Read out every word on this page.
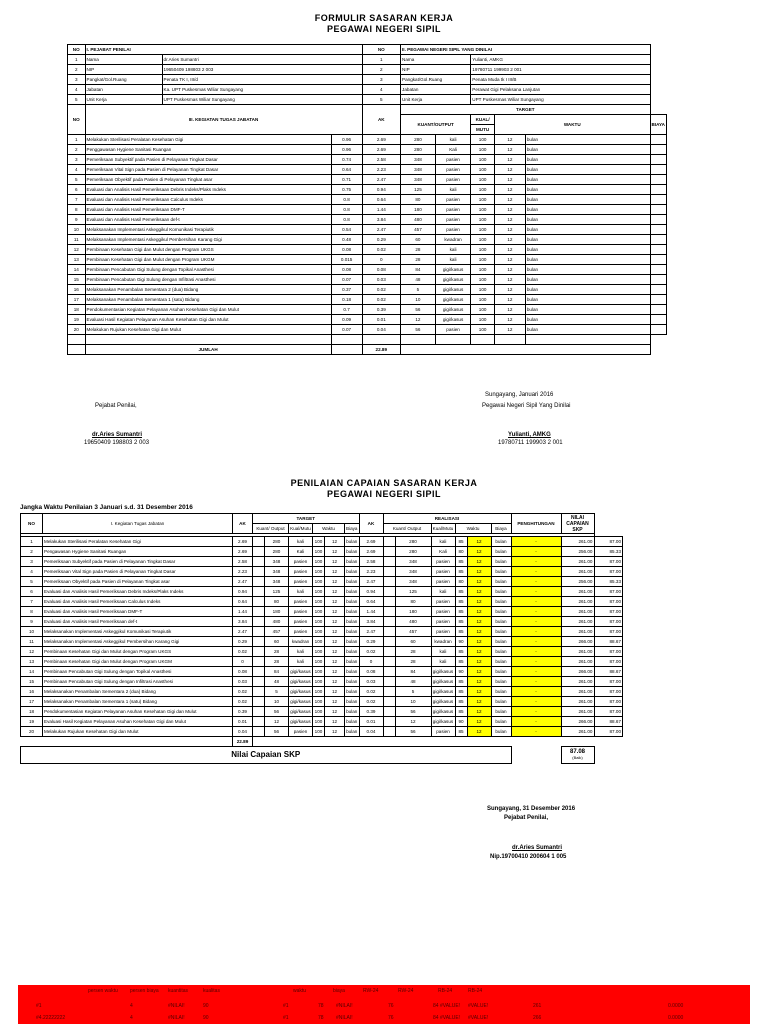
FORMULIR SASARAN KERJA
PEGAWAI NEGERI SIPIL
NO	I. PEJABAT PENILAI			NO	II. PEGAWAI NEGERI SIPIL YANG DINILAI					
1	Nama	dr.Aries Sumantri		1	Nama		Yulianti, AMKG			
2	NIP	19650409 198803 2 003		2	NIP		19780711 199903 2 001			
3	Pangkat/Gol.Ruang	Penata TK I, III/d		3	Pangkat/Gol.Ruang		Penata Muda tk I III/B			
4	Jabatan	Ka. UPT Puskesmas Wiliar Sungayang		4	Jabatan		Perawat Gigi Pelaksana Lanjutan			
5	Unit Kerja	UPT Puskesmas Wiliar Sungayang		5	Unit Kerja		UPT Puskesmas Wiliar Sungayang			
NO	III. KEGIATAN TUGAS JABATAN			AK	TARGET					
					KUANT/OUTPUT		KUAL/	WAKTU		BIAYA
							MUTU			
1	Melakukan Sterilisasi Peralatan Kesehatan Gigi		0.96	2.69	280	kali	100	12	bulan	
2	Penggawasan Hygiene Sanitasi Ruangan		0.96	2.69	280	Kali	100	12	bulan	
3	Pemeriksaan Subyektif pada Pasien di Pelayanan Tingkat Dasar		0.74	2.58	348	pasien	100	12	bulan	
4	Pemeriksaan Vital Sign pada Pasien di Pelayanan Tingkat Dasar		0.64	2.23	348	pasien	100	12	bulan	
5	Pemeriksaan Obyektif pada Pasien di Pelayanan Tingkat asar		0.71	2.47	348	pasien	100	12	bulan	
6	Evaluasi dan Analisis Hasil Pemeriksaan Debris Indeks/Plaks Indeks		0.75	0.94	125	kali	100	12	bulan	
7	Evaluasi dan Analisis Hasil Pemeriksaan Calculus Indeks		0.8	0.64	80	pasien	100	12	bulan	
8	Evaluasi dan Analisis Hasil Pemeriksaan DMF-T		0.8	1.44	180	pasien	100	12	bulan	
9	Evaluasi dan Analisis Hasil Pemeriksaan def-t		0.8	3.84	480	pasien	100	12	bulan	
10	Melaksanakan Implementasi Askeggikul Komunikasi Terapiutik		0.54	2.47	457	pasien	100	12	bulan	
11	Melaksanakan Implementasi Askeggikul Pembersihan Karang Gigi		0.48	0.29	60	kwadran	100	12	bulan	
12	Pembinaan Kesehatan Gigi dan Mulut dengan Program UKGS		0.08	0.02	28	kali	100	12	bulan	
13	Pembinaan Kesehatan Gigi dan Mulut dengan Program UKGM		0.015	0	28	kali	100	12	bulan	
14	Pembinaan Pencabutan Gigi Sulung dengan Topikal Anasthesi		0.08	0.08	84	gigi/kasus	100	12	bulan	
15	Pembinaan Pencabutan Gigi Sulung dengan Infiltrasi Anasthesi		0.07	0.03	48	gigi/kasus	100	12	bulan	
16	Melaksanakan Penambalan Sementara 2 (dua) Bidang		0.37	0.02	5	gigi/kasus	100	12	bulan	
17	Melaksanakan Penambalan Sementara 1 (satu) Bidang		0.18	0.02	10	gigi/kasus	100	12	bulan	
18	Pendokumentasian Kegiatan Pelayanan Asuhan Kesehatan Gigi dan Mulut		0.7	0.39	56	gigi/kasus	100	12	bulan	
19	Evaluasi Hasil Kegiatan Pelayanan Asuhan Kesehatan Gigi dan Mulut		0.09	0.01	12	gigi/kasus	100	12	bulan	
20	Melakukan Rujukan Kesehatan Gigi dan Mulut		0.07	0.04	56	pasien	100	12	bulan	

	JUMLAH			22.89						
Sungayang, Januari 2016
Pejabat Penilai,	Pegawai Negeri Sipil Yang Dinilai
dr.Aries Sumantri
19650409 198803 2 003
Yulianti, AMKG
19780711 199903 2 001
PENILAIAN CAPAIAN SASARAN KERJA
PEGAWAI NEGERI SIPIL
Jangka Waktu Penilaian 3 Januari s.d. 31 Desember 2016
NO	I. Kegiatan Tugas Jabatan	AK	TARGET						AK	REALISASI						PENGHITUNGAN	NILAI
CAPAIAN
SKP	

			Kuant/ Output		Kual/Mutu	Waktu		Biaya		Kuant/ Output		Kual/Mutu	Waktu		Biaya			

1	Melakukan Sterilisasi Peralatan Kesehatan Gigi	2.69		280	kali	100	12	bulan	2.69		280	kali	85	12	bulan	-	261.00	87.00
2	Pengawasan Hygiene Sanitasi Ruangan	2.69		280	Kali	100	12	bulan	2.69		280	Kali	80	12	bulan	-	256.00	85.33
3	Pemeriksaan Subyektif pada Pasien di Pelayanan Tingkat Dasar	2.58		348	pasien	100	12	bulan	2.58		348	pasien	85	12	bulan	-	261.00	87.00
4	Pemeriksaan Vital Sign pada Pasien di Pelayanan Tingkat Dasar	2.23		348	pasien	100	12	bulan	2.23		348	pasien	85	12	bulan	-	261.00	87.00
5	Pemeriksaan Obyektif pada Pasien di Pelayanan Tingkat asar	2.47		348	pasien	100	12	bulan	2.47		348	pasien	80	12	bulan	-	256.00	85.33
6	Evaluasi dan Analisis Hasil Pemeriksaan Debris Indeks/Plaks Indeks	0.94		125	kali	100	12	bulan	0.94		125	kali	85	12	bulan	-	261.00	87.00
7	Evaluasi dan Analisis Hasil Pemeriksaan Calculus Indeks	0.64		80	pasien	100	12	bulan	0.64		80	pasien	85	12	bulan	-	261.00	87.00
8	Evaluasi dan Analisis Hasil Pemeriksaan DMF-T	1.44		180	pasien	100	12	bulan	1.44		180	pasien	85	12	bulan	-	261.00	87.00
9	Evaluasi dan Analisis Hasil Pemeriksaan def-t	3.84		480	pasien	100	12	bulan	3.84		480	pasien	85	12	bulan	-	261.00	87.00
10	Melaksanakan Implementasi Askeggikul Komunikasi Terapiutik	2.47		457	pasien	100	12	bulan	2.47		457	pasien	85	12	bulan	-	261.00	87.00
11	Melaksanakan Implementasi Askeggikul Pembersihan Karang Gigi	0.29		60	kwadran	100	12	bulan	0.29		60	kwadran	90	12	bulan	-	266.00	88.67
12	Pembinaan Kesehatan Gigi dan Mulut dengan Program UKGS	0.02		28	kali	100	12	bulan	0.02		28	kali	85	12	bulan	-	261.00	87.00
13	Pembinaan Kesehatan Gigi dan Mulut dengan Program UKGM	0		28	kali	100	12	bulan	0		28	kali	85	12	bulan	-	261.00	87.00
14	Pembinaan Pencabutan Gigi Sulung dengan Topikal Anasthesi	0.08		84	gigi/kasus	100	12	bulan	0.08		84	gigi/kasus	90	12	bulan	-	266.00	88.67
15	Pembinaan Pencabutan Gigi Sulung dengan Infiltrasi Anasthesi	0.03		48	gigi/kasus	100	12	bulan	0.03		48	gigi/kasus	85	12	bulan	-	261.00	87.00
16	Melaksanakan Penambalan Sementara 2 (dua) Bidang	0.02		5	gigi/kasus	100	12	bulan	0.02		5	gigi/kasus	85	12	bulan	-	261.00	87.00
17	Melaksanakan Penambalan Sementara 1 (satu) Bidang	0.02		10	gigi/kasus	100	12	bulan	0.02		10	gigi/kasus	85	12	bulan	-	261.00	87.00
18	Pendokumentasian Kegiatan Pelayanan Asuhan Kesehatan Gigi dan Mulut	0.39		56	gigi/kasus	100	12	bulan	0.39		56	gigi/kasus	85	12	bulan	-	261.00	87.00
19	Evaluasi Hasil Kegiatan Pelayanan Asuhan Kesehatan Gigi dan Mulut	0.01		12	gigi/kasus	100	12	bulan	0.01		12	gigi/kasus	90	12	bulan	-	266.00	88.67
20	Melakukan Rujukan Kesehatan Gigi dan Mulut	0.04		56	pasien	100	12	bulan	0.04		56	pasien	85	12	bulan	-	261.00	87.00
		22.89																
Nilai Capaian SKP																	87.08
(Baik)	
Sungayang, 31 Desember 2016
Pejabat Penilai,
dr.Aries Sumantri
Nip.19700410 200604 1 005
persen waktu persen biaya kuantitas	kualitas	waktu	biaya	RW-24	RW-24	RB-24	RB-24
#1	4	#NILAI!	90	#1	78 #NILAI!	76	84 #VALUE! #VALUE!	261	0.0000
#4.22222222	4	#NILAI!	90	#1	78 #NILAI!	76	84 #VALUE! #VALUE!	266	0.0000
